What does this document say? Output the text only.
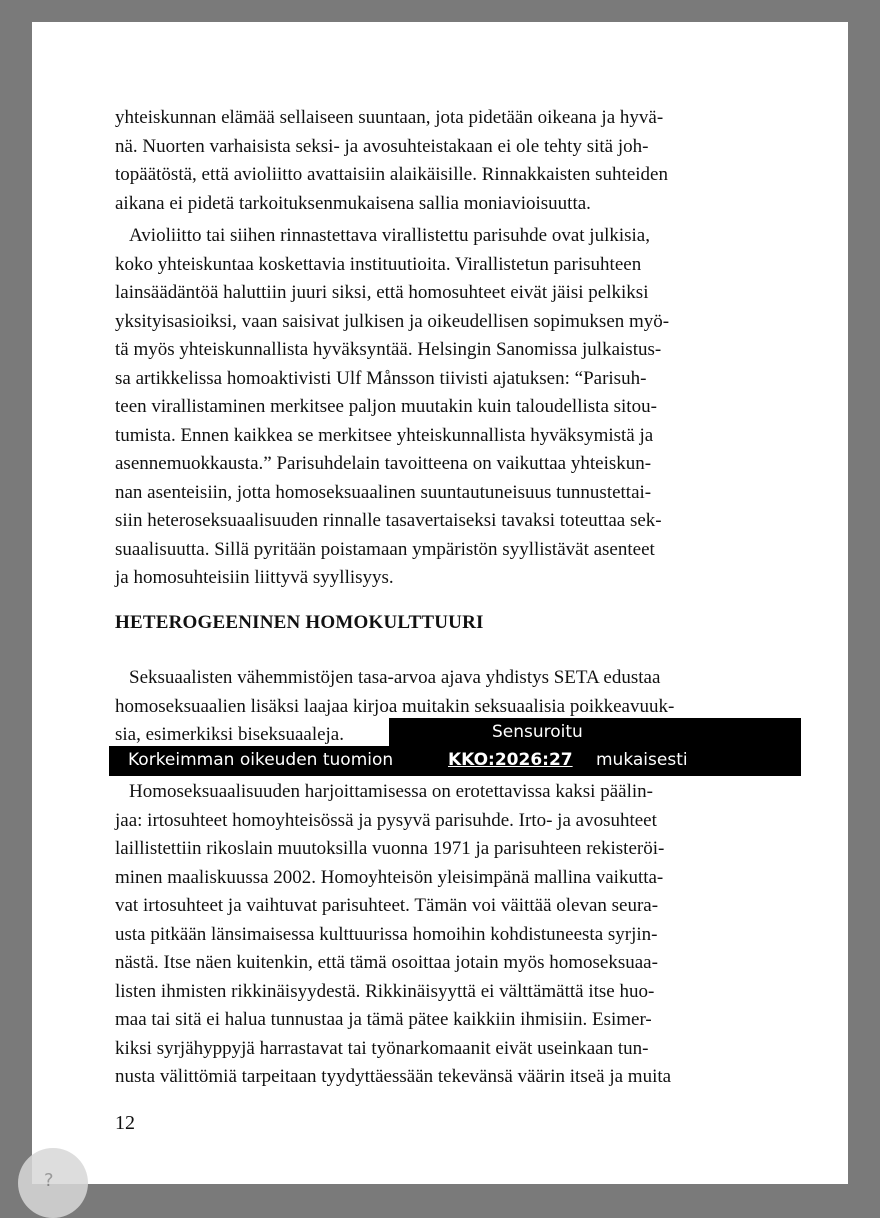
yhteiskunnan elämää sellaiseen suuntaan, jota pidetään oikeana ja hyvä-
nä. Nuorten varhaisista seksi- ja avosuhteistakaan ei ole tehty sitä joh-
topäätöstä, että avioliitto avattaisiin alaikäisille. Rinnakkaisten suhteiden
aikana ei pidetä tarkoituksenmukaisena sallia moniavioisuutta.

Avioliitto tai siihen rinnastettava virallistettu parisuhde ovat julkisia,

koko yhteiskuntaa koskettavia instituutioita. Virallistetun parisuhteen
lainsäädäntöä haluttiin juuri siksi, että homosuhteet eivät jäisi pelkiksi
yksityisasioiksi, vaan saisivat julkisen ja oikeudellisen sopimuksen myö-
tä myös yhteiskunnallista hyväksyntää. Helsingin Sanomissa julkaistus-
sa artikkelissa homoaktivisti Ulf Månsson tiivisti ajatuksen: “Parisuh-
teen virallistaminen merkitsee paljon muutakin kuin taloudellista sitou-
tumista. Ennen kaikkea se merkitsee yhteiskunnallista hyväksymistä ja
asennemuokkausta.” Parisuhdelain tavoitteena on vaikuttaa yhteiskun-
nan asenteisiin, jotta homoseksuaalinen suuntautuneisuus tunnustettai-
siin heteroseksuaalisuuden rinnalle tasavertaiseksi tavaksi toteuttaa sek-
suaalisuutta. Sillä pyritään poistamaan ympäristön syyllistävät asenteet
ja homosuhteisiin liittyvä syyllisyys.

HETEROGEENINEN HOMOKULTTUURI

Seksuaalisten vähemmistöjen tasa-arvoa ajava yhdistys SETA edustaa

homoseksuaalien lisäksi laajaa kirjoa muitakin seksuaalisia poikkeavuuk-
sia, esimerkiksi biseksuaaleja.	Sensuroitu
Korkeimman oikeuden tuomion	KKO:2026:27 mukaisesti

Homoseksuaalisuuden harjoittamisessa on erotettavissa kaksi päälin-

jaa: irtosuhteet homoyhteisössä ja pysyvä parisuhde. Irto- ja avosuhteet
laillistettiin rikoslain muutoksilla vuonna 1971 ja parisuhteen rekisteröi-
minen maaliskuussa 2002. Homoyhteisön yleisimpänä mallina vaikutta-
vat irtosuhteet ja vaihtuvat parisuhteet. Tämän voi väittää olevan seura-
usta pitkään länsimaisessa kulttuurissa homoihin kohdistuneesta syrjin-
nästä. Itse näen kuitenkin, että tämä osoittaa jotain myös homoseksuaa-
listen ihmisten rikkinäisyydestä. Rikkinäisyyttä ei välttämättä itse huo-
maa tai sitä ei halua tunnustaa ja tämä pätee kaikkiin ihmisiin. Esimer-
kiksi syrjähyppyjä harrastavat tai työnarkomaanit eivät useinkaan tun-
nusta välittömiä tarpeitaan tyydyttäessään tekevänsä väärin itseä ja muita

12
?
